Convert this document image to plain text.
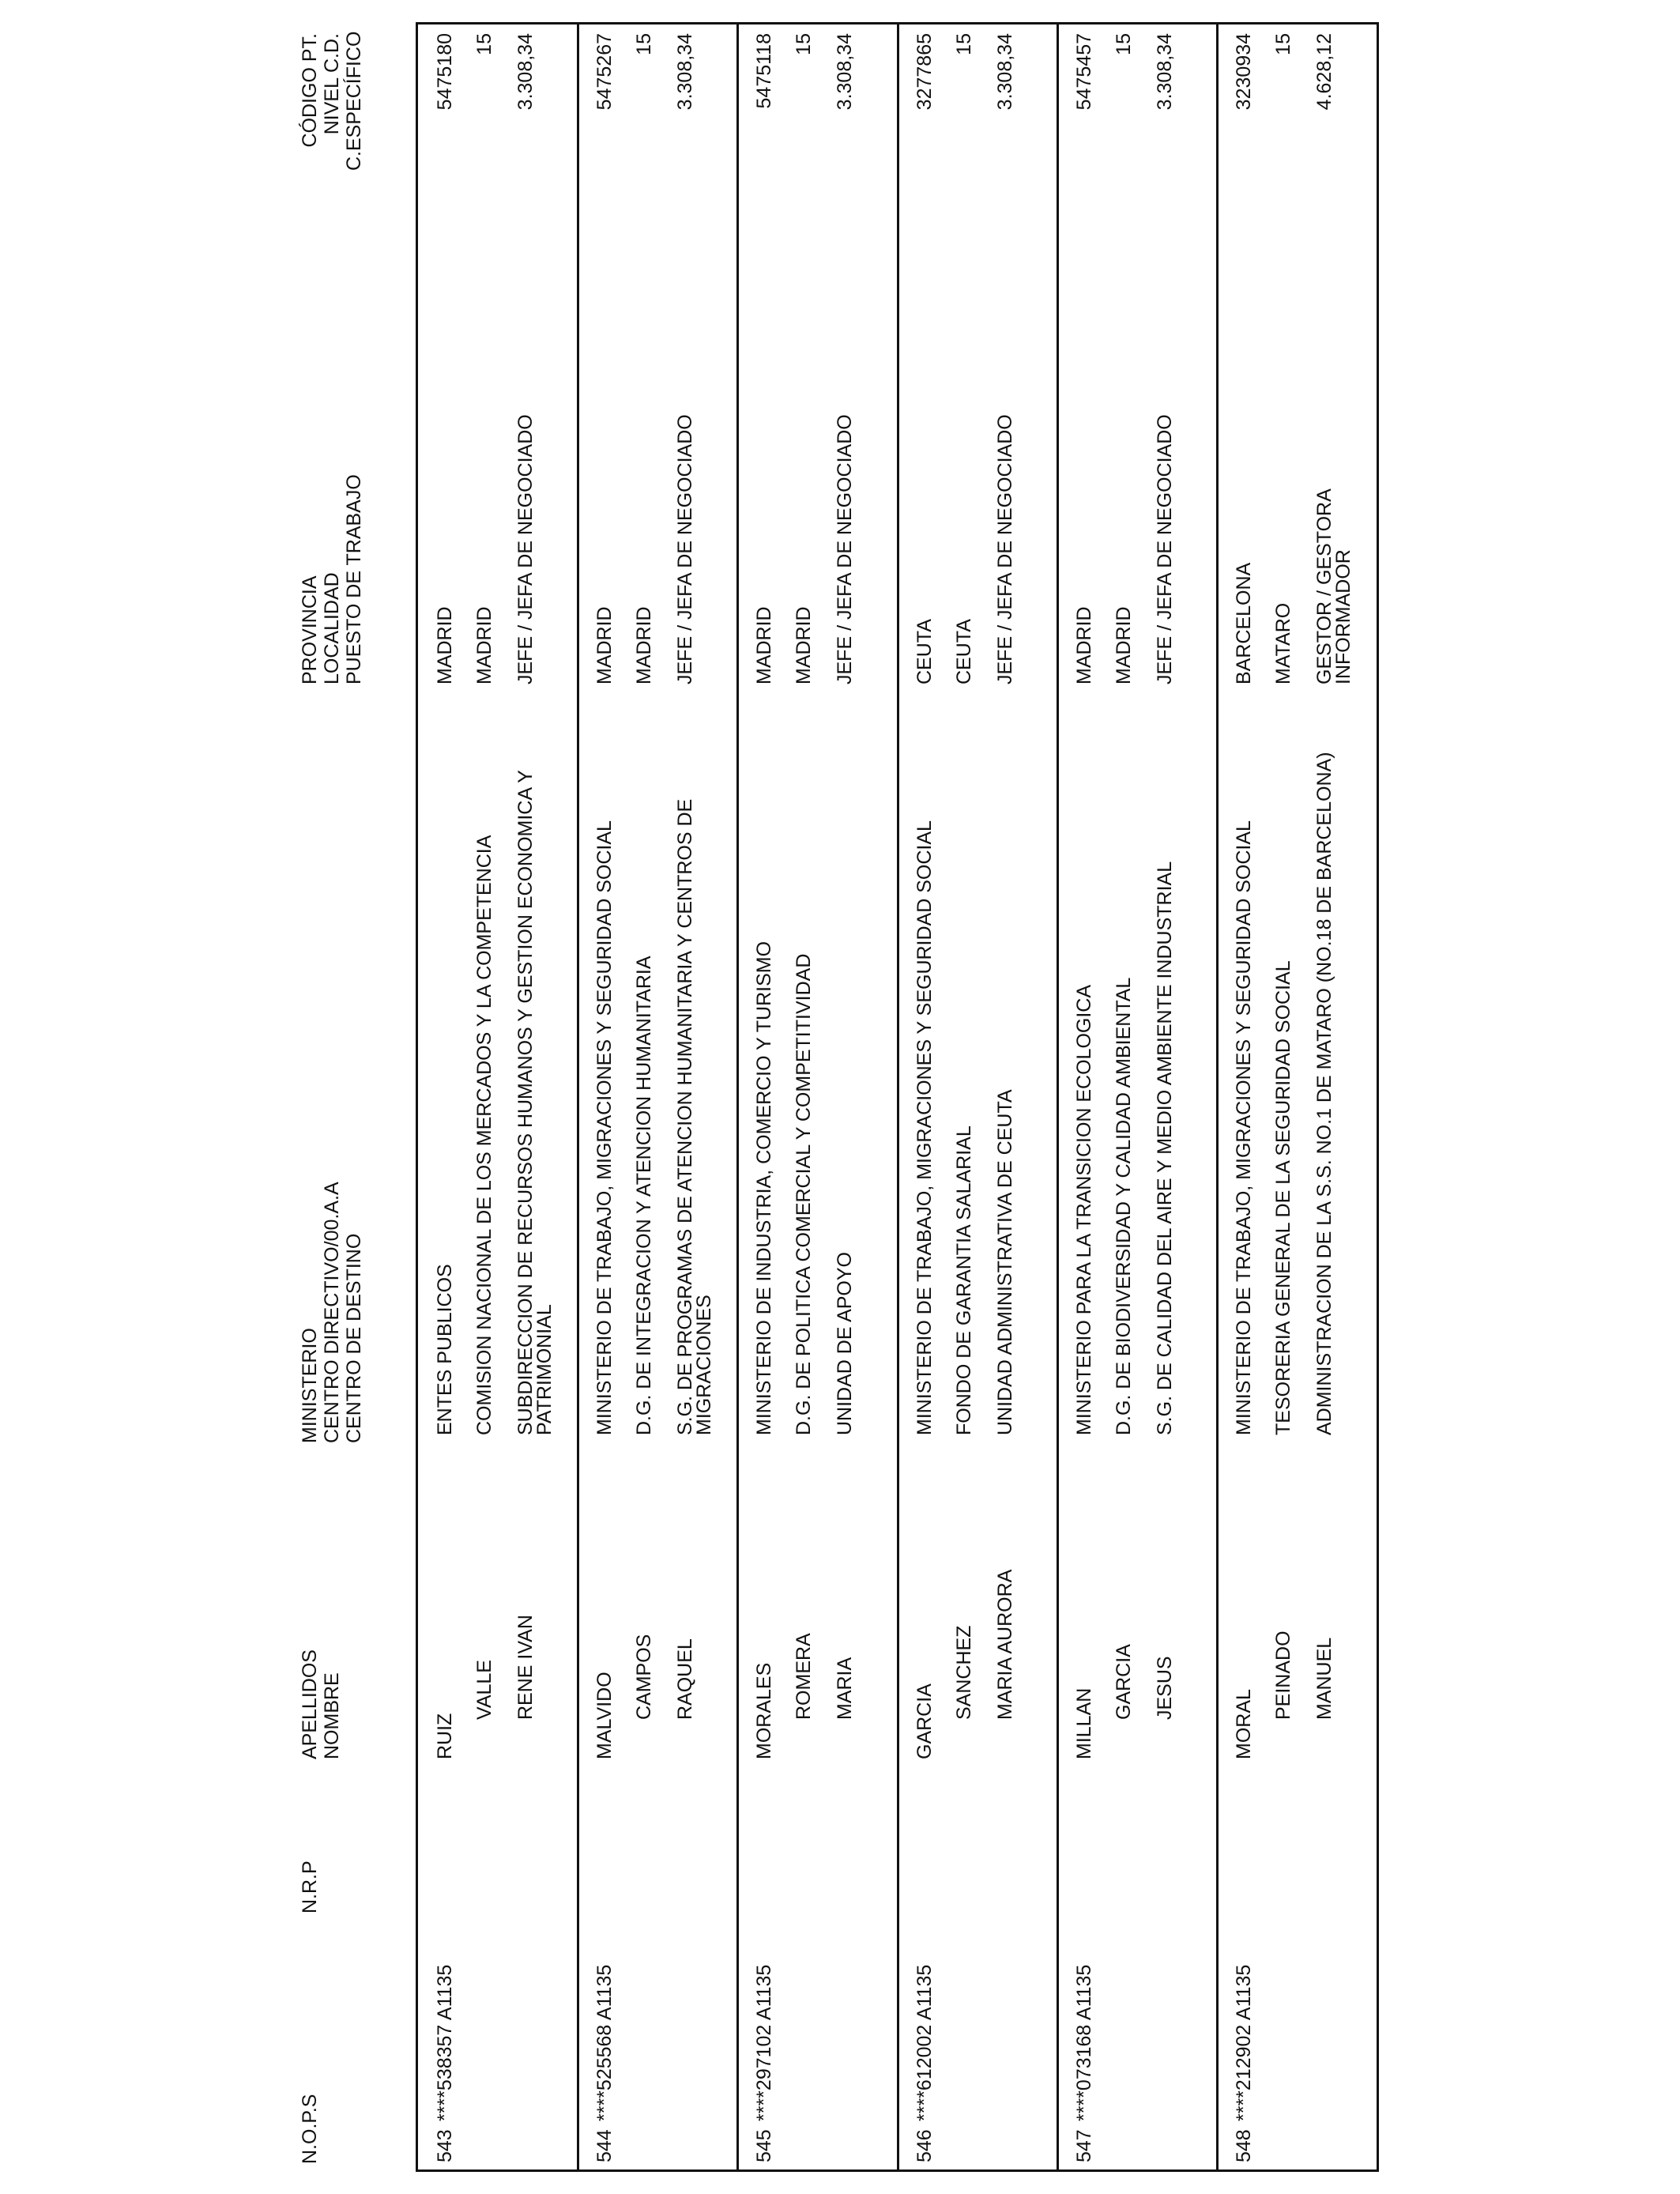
N.O.P.S
N.R.P
APELLIDOS NOMBRE
MINISTERIO CENTRO DIRECTIVO/00.A.A CENTRO DE DESTINO
PROVINCIA LOCALIDAD PUESTO DE TRABAJO
CÓDIGO PT. NIVEL C.D. C.ESPECÍFICO
543
****538357 A1135
RUIZ
VALLE RENE IVAN
ENTES PUBLICOS COMISION NACIONAL DE LOS MERCADOS Y LA COMPETENCIA SUBDIRECCION DE RECURSOS HUMANOS Y GESTION ECONOMICA Y
PATRIMONIAL
MADRID MADRID JEFE / JEFA DE NEGOCIADO
5475180 15 3.308,34
544
****525568 A1135
MALVIDO CAMPOS RAQUEL
MINISTERIO DE TRABAJO, MIGRACIONES Y SEGURIDAD SOCIAL D.G. DE INTEGRACION Y ATENCION HUMANITARIA S.G. DE PROGRAMAS DE ATENCION HUMANITARIA Y CENTROS DE
MIGRACIONES
MADRID MADRID JEFE / JEFA DE NEGOCIADO
5475267 15 3.308,34
545
****297102 A1135
MORALES ROMERA MARIA
MINISTERIO DE INDUSTRIA, COMERCIO Y TURISMO D.G. DE POLITICA COMERCIAL Y COMPETITIVIDAD UNIDAD DE APOYO
MADRID MADRID JEFE / JEFA DE NEGOCIADO
5475118 15 3.308,34
546
****612002 A1135
GARCIA
SANCHEZ MARIA AURORA
MINISTERIO DE TRABAJO, MIGRACIONES Y SEGURIDAD SOCIAL FONDO DE GARANTIA SALARIAL UNIDAD ADMINISTRATIVA DE CEUTA
CEUTA CEUTA JEFE / JEFA DE NEGOCIADO
3277865 15 3.308,34
547
****073168 A1135
MILLAN
GARCIA JESUS
MINISTERIO PARA LA TRANSICION ECOLOGICA D.G. DE BIODIVERSIDAD Y CALIDAD AMBIENTAL S.G. DE CALIDAD DEL AIRE Y MEDIO AMBIENTE INDUSTRIAL
MADRID MADRID JEFE / JEFA DE NEGOCIADO
5475457 15 3.308,34
548
****212902 A1135
MORAL
PEINADO MANUEL
MINISTERIO DE TRABAJO, MIGRACIONES Y SEGURIDAD SOCIAL TESORERIA GENERAL DE LA SEGURIDAD SOCIAL ADMINISTRACION DE LA S.S. NO.1 DE MATARO (NO.18 DE BARCELONA)
BARCELONA MATARO GESTOR / GESTORA
INFORMADOR
3230934 15 4.628,12
